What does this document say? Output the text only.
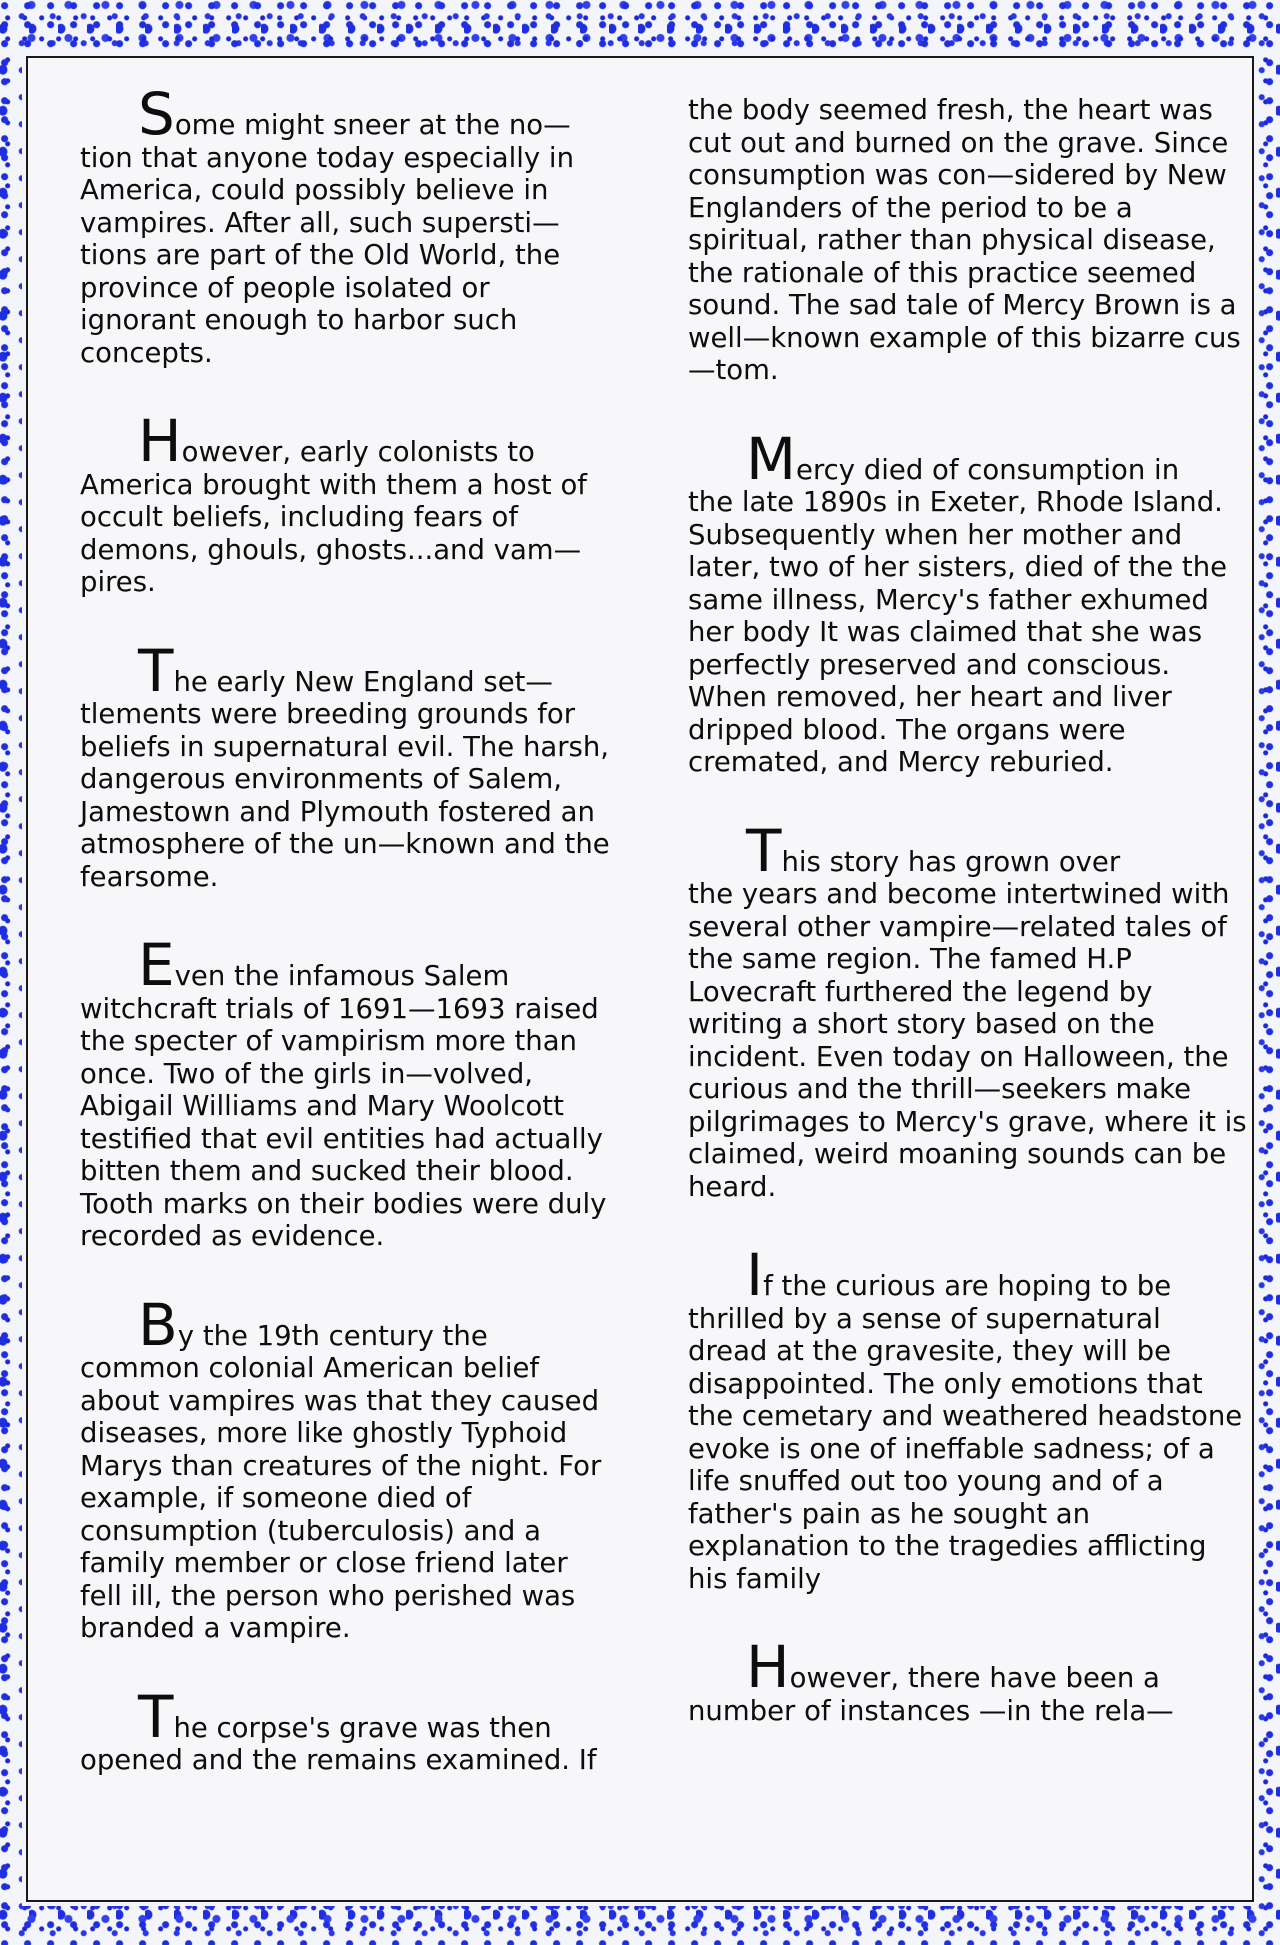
Some might sneer at the no—
tion that anyone today especially in America, could possibly believe in vampires. After all, such supersti—tions are part of the Old World, the province of people isolated or ignorant enough to harbor such concepts.

However, early colonists to
America brought with them a host of occult beliefs, including fears of demons, ghouls, ghosts...and vam—pires.

The early New England set—
tlements were breeding grounds for beliefs in supernatural evil. The harsh, dangerous environments of Salem, Jamestown and Plymouth fostered an atmosphere of the un—known and the fearsome.

Even the infamous Salem
witchcraft trials of 1691—1693 raised the specter of vampirism more than once. Two of the girls in—volved, Abigail Williams and Mary Woolcott testified that evil entities had actually bitten them and sucked their blood. Tooth marks on their bodies were duly recorded as evidence.

By the 19th century the
common colonial American belief about vampires was that they caused diseases, more like ghostly Typhoid Marys than creatures of the night. For example, if someone died of consumption (tuberculosis) and a family member or close friend later fell ill, the person who perished was branded a vampire.

The corpse's grave was then
opened and the remains examined. If

the body seemed fresh, the heart was cut out and burned on the grave. Since consumption was con—sidered by New Englanders of the period to be a spiritual, rather than physical disease, the rationale of this practice seemed sound. The sad tale of Mercy Brown is a well—known example of this bizarre cus—tom.

Mercy died of consumption in
the late 1890s in Exeter, Rhode Island. Subsequently when her mother and later, two of her sisters, died of the the same illness, Mercy's father exhumed her body It was claimed that she was perfectly preserved and conscious. When removed, her heart and liver dripped blood. The organs were cremated, and Mercy reburied.

This story has grown over
the years and become intertwined with several other vampire—related tales of the same region. The famed H.P Lovecraft furthered the legend by writing a short story based on the incident. Even today on Halloween, the curious and the thrill—seekers make pilgrimages to Mercy's grave, where it is claimed, weird moaning sounds can be heard.

If the curious are hoping to be
thrilled by a sense of supernatural dread at the gravesite, they will be disappointed. The only emotions that the cemetary and weathered headstone evoke is one of ineffable sadness; of a life snuffed out too young and of a father's pain as he sought an explanation to the tragedies afflicting his family

However, there have been a
number of instances —in the rela—
